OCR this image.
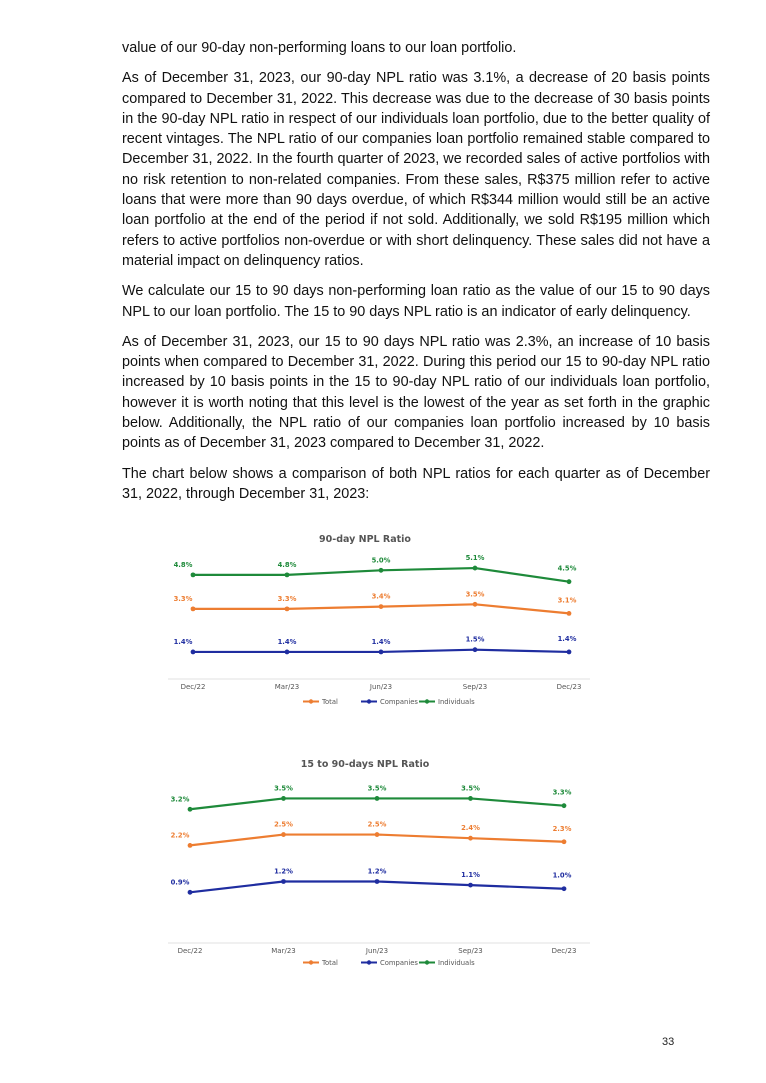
value of our 90-day non-performing loans to our loan portfolio.

As of December 31, 2023, our 90-day NPL ratio was 3.1%, a decrease of 20 basis points compared to December 31, 2022. This decrease was due to the decrease of 30 basis points in the 90-day NPL ratio in respect of our individuals loan portfolio, due to the better quality of recent vintages. The NPL ratio of our companies loan portfolio remained stable compared to December 31, 2022. In the fourth quarter of 2023, we recorded sales of active portfolios with no risk retention to non-related companies. From these sales, R$375 million refer to active loans that were more than 90 days overdue, of which R$344 million would still be an active loan portfolio at the end of the period if not sold. Additionally, we sold R$195 million which refers to active portfolios non-overdue or with short delinquency. These sales did not have a material impact on delinquency ratios.

We calculate our 15 to 90 days non-performing loan ratio as the value of our 15 to 90 days NPL to our loan portfolio. The 15 to 90 days NPL ratio is an indicator of early delinquency.

As of December 31, 2023, our 15 to 90 days NPL ratio was 2.3%, an increase of 10 basis points when compared to December 31, 2022. During this period our 15 to 90-day NPL ratio increased by 10 basis points in the 15 to 90-day NPL ratio of our individuals loan portfolio, however it is worth noting that this level is the lowest of the year as set forth in the graphic below. Additionally, the NPL ratio of our companies loan portfolio increased by 10 basis points as of December 31, 2023 compared to December 31, 2022.

The chart below shows a comparison of both NPL ratios for each quarter as of December 31, 2022, through December 31, 2023:

90-day NPL Ratio
Dec/22	Mar/23	Jun/23	Sep/23	Dec/23
3.3%	3.3%	3.4%	3.5%
3.1%
1.4%	1.4%	1.4%	1.5%	1.4%
4.8%	4.8%
5.0%	5.1%
4.5%
Total	Companies	Individuals
15 to 90-days NPL Ratio
Dec/22	Mar/23	Jun/23	Sep/23	Dec/23
2.2%
2.5%	2.5%	2.4%	2.3%
0.9%
1.2%	1.2%	1.1%	1.0%
3.2%
3.5%	3.5%	3.5%
3.3%
Total	Companies	Individuals
33
